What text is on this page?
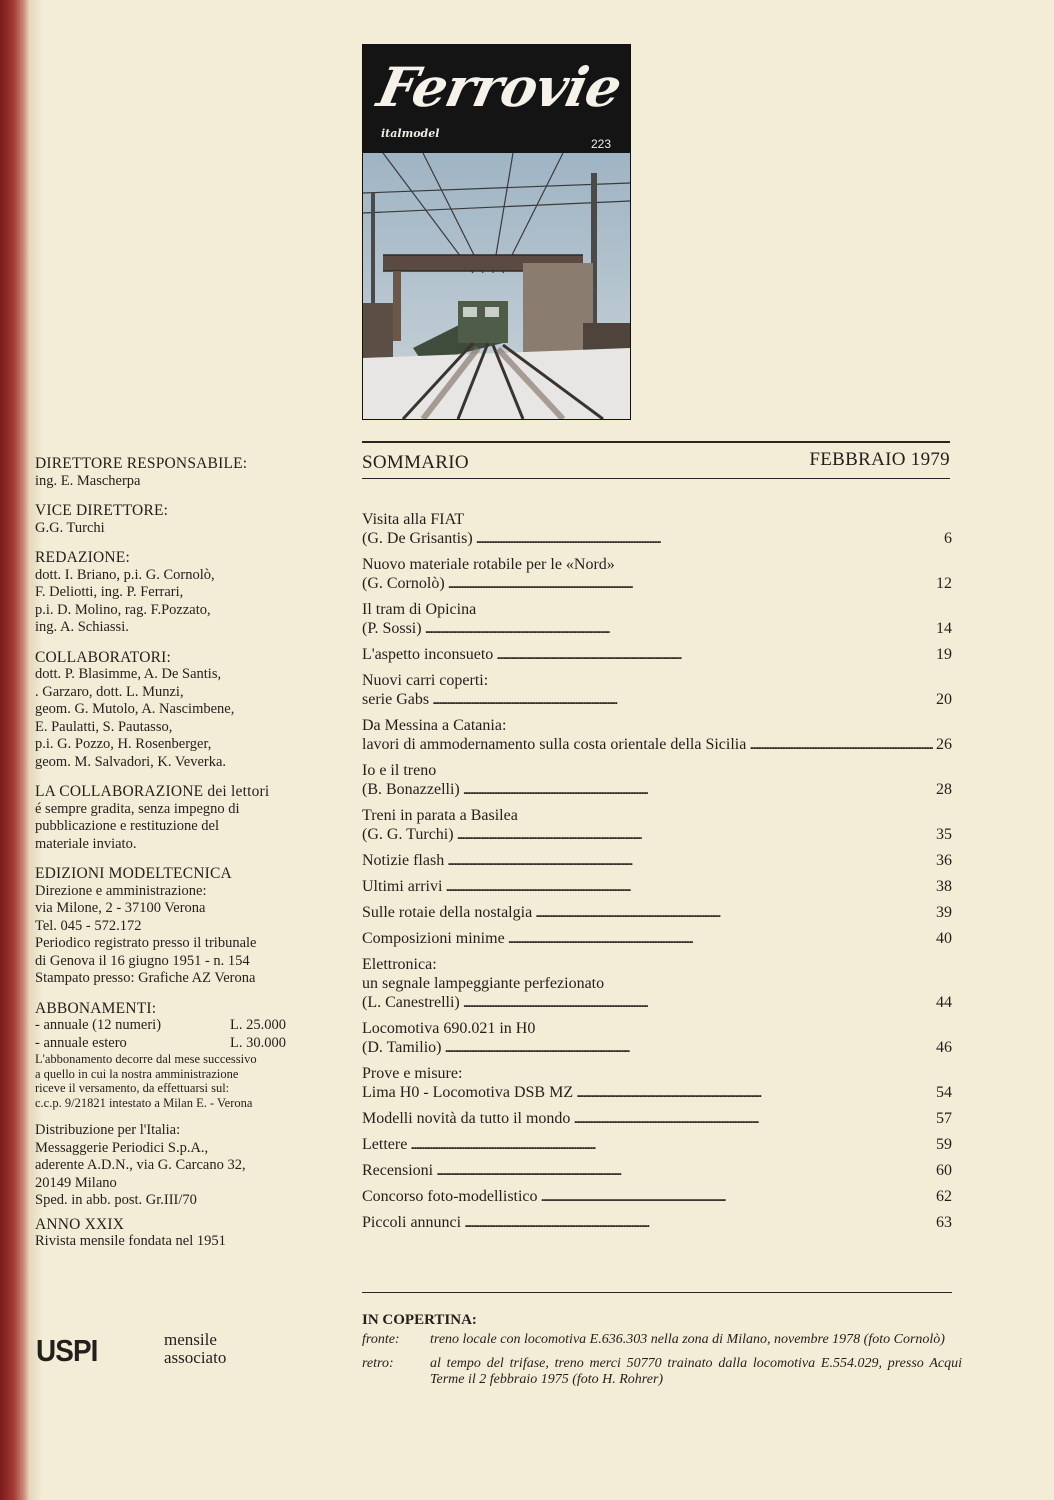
Ferrovie
italmodel
223

DIRETTORE RESPONSABILE:

ing. E. Mascherpa

VICE DIRETTORE:

G.G. Turchi

REDAZIONE:

dott. I. Briano, p.i. G. Cornolò,

F. Deliotti, ing. P. Ferrari,

p.i. D. Molino, rag. F.Pozzato,

ing. A. Schiassi.

COLLABORATORI:

dott. P. Blasimme, A. De Santis,

. Garzaro, dott. L. Munzi,

geom. G. Mutolo, A. Nascimbene,

E. Paulatti, S. Pautasso,

p.i. G. Pozzo, H. Rosenberger,

geom. M. Salvadori, K. Veverka.

LA COLLABORAZIONE dei lettori

é sempre gradita, senza impegno di

pubblicazione e restituzione del

materiale inviato.

EDIZIONI MODELTECNICA

Direzione e amministrazione:

via Milone, 2 - 37100 Verona

Tel. 045 - 572.172

Periodico registrato presso il tribunale

di Genova il 16 giugno 1951 - n. 154

Stampato presso: Grafiche AZ Verona

ABBONAMENTI:

- annuale (12 numeri)	L. 25.000
- annuale estero	L. 30.000

L'abbonamento decorre dal mese successivo

a quello in cui la nostra amministrazione

riceve il versamento, da effettuarsi sul:

c.c.p. 9/21821 intestato a Milan E. - Verona

Distribuzione per l'Italia:

Messaggerie Periodici S.p.A.,

aderente A.D.N., via G. Carcano 32,

20149 Milano

Sped. in abb. post. Gr.III/70

ANNO XXIX

Rivista mensile fondata nel 1951

USPI	mensile
associato
SOMMARIO	FEBBRAIO 1979
Visita alla FIAT
(G. De Grisantis) . . .	6
Nuovo materiale rotabile per le «Nord»
(G. Cornolò) . . .	12
Il tram di Opicina
(P. Sossi) . . .	14
L'aspetto inconsueto . . .	19
Nuovi carri coperti:
serie Gabs . . .	20
Da Messina a Catania:
lavori di ammodernamento sulla costa orientale della Sicilia . . .	26
Io e il treno
(B. Bonazzelli) . . .	28
Treni in parata a Basilea
(G. G. Turchi) . . .	35
Notizie flash . . .	36
Ultimi arrivi . . .	38
Sulle rotaie della nostalgia . . .	39
Composizioni minime . . .	40
Elettronica:
un segnale lampeggiante perfezionato
(L. Canestrelli) . . .	44
Locomotiva 690.021 in H0
(D. Tamilio) . . .	46
Prove e misure:
Lima H0 - Locomotiva DSB MZ . . .	54
Modelli novità da tutto il mondo . . .	57
Lettere . . .	59
Recensioni . . .	60
Concorso foto-modellistico . . .	62
Piccoli annunci . . .	63
IN COPERTINA:
fronte:	treno locale con locomotiva E.636.303 nella zona di Milano, novembre 1978 (foto Cornolò)
retro:	al tempo del trifase, treno merci 50770 trainato dalla locomotiva E.554.029, presso Acqui Terme il 2 febbraio 1975 (foto H. Rohrer)
